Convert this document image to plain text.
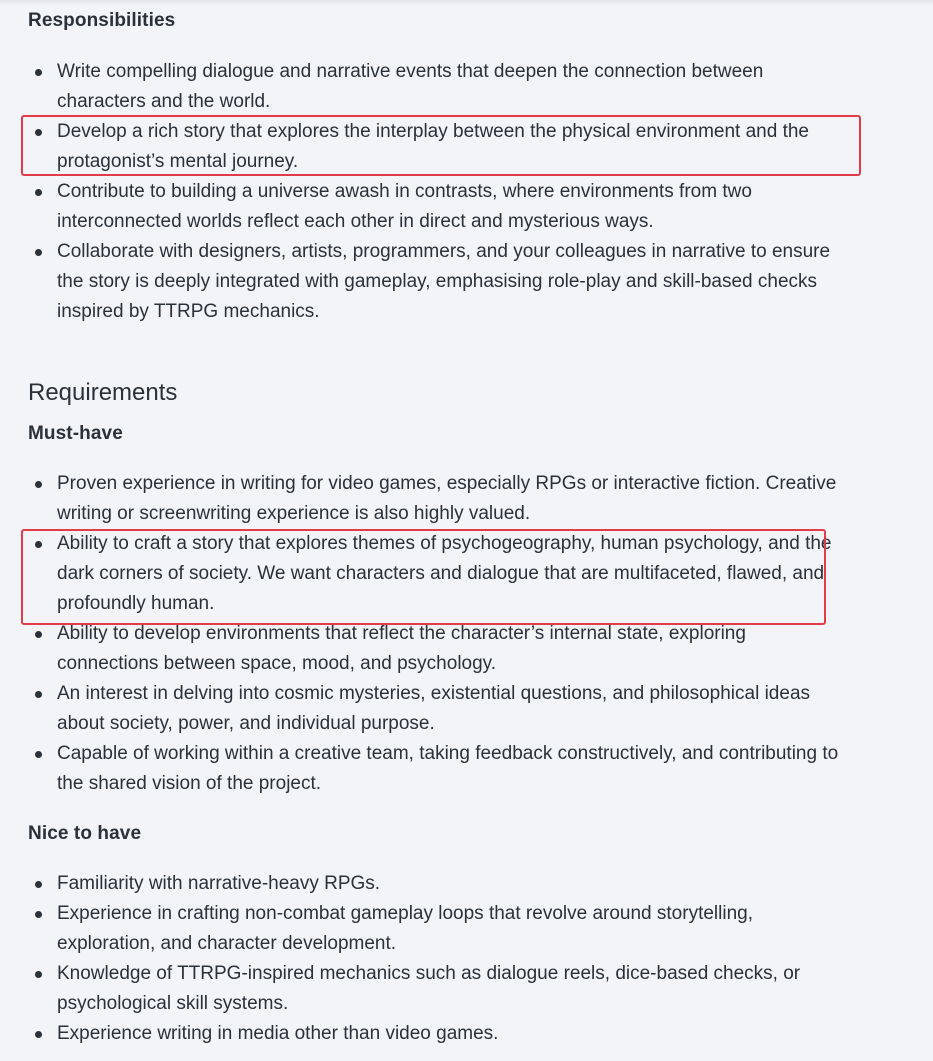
Responsibilities
Write compelling dialogue and narrative events that deepen the connection between characters and the world.
Develop a rich story that explores the interplay between the physical environment and the protagonist’s mental journey.
Contribute to building a universe awash in contrasts, where environments from two interconnected worlds reflect each other in direct and mysterious ways.
Collaborate with designers, artists, programmers, and your colleagues in narrative to ensure the story is deeply integrated with gameplay, emphasising role-play and skill-based checks inspired by TTRPG mechanics.
Requirements
Must-have
Proven experience in writing for video games, especially RPGs or interactive fiction. Creative writing or screenwriting experience is also highly valued.
Ability to craft a story that explores themes of psychogeography, human psychology, and the dark corners of society. We want characters and dialogue that are multifaceted, flawed, and profoundly human.
Ability to develop environments that reflect the character’s internal state, exploring connections between space, mood, and psychology.
An interest in delving into cosmic mysteries, existential questions, and philosophical ideas about society, power, and individual purpose.
Capable of working within a creative team, taking feedback constructively, and contributing to the shared vision of the project.
Nice to have
Familiarity with narrative-heavy RPGs.
Experience in crafting non-combat gameplay loops that revolve around storytelling, exploration, and character development.
Knowledge of TTRPG-inspired mechanics such as dialogue reels, dice-based checks, or psychological skill systems.
Experience writing in media other than video games.
